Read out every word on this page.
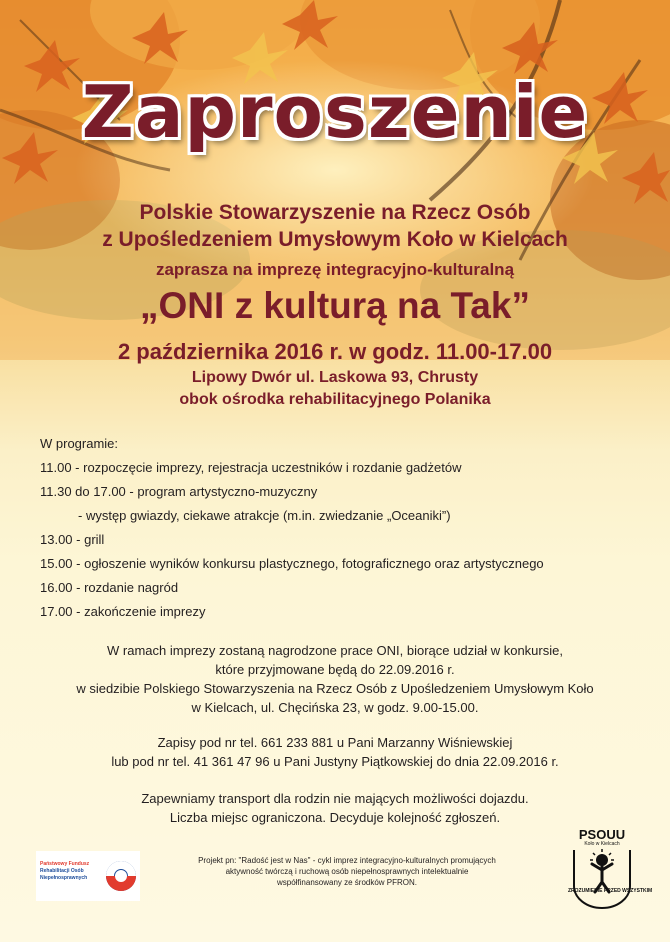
Zaproszenie
Polskie Stowarzyszenie na Rzecz Osób
z Upośledzeniem Umysłowym Koło w Kielcach
zaprasza na imprezę integracyjno-kulturalną
„ONI z kulturą na Tak”
2 października 2016 r. w godz. 11.00-17.00
Lipowy Dwór ul. Laskowa 93, Chrusty
obok ośrodka rehabilitacyjnego Polanika
W programie:
11.00 - rozpoczęcie imprezy, rejestracja uczestników i rozdanie gadżetów
11.30 do 17.00 - program artystyczno-muzyczny
- występ gwiazdy, ciekawe atrakcje (m.in. zwiedzanie „Oceaniki”)
13.00 - grill
15.00 - ogłoszenie wyników konkursu plastycznego, fotograficznego oraz artystycznego
16.00 - rozdanie nagród
17.00 - zakończenie imprezy
W ramach imprezy zostaną nagrodzone prace ONI, biorące udział w konkursie,
które przyjmowane będą do 22.09.2016 r.
w siedzibie Polskiego Stowarzyszenia na Rzecz Osób z Upośledzeniem Umysłowym Koło
w Kielcach, ul. Chęcińska 23, w godz. 9.00-15.00.
Zapisy pod nr tel. 661 233 881 u Pani Marzanny Wiśniewskiej
lub pod nr tel. 41 361 47 96 u Pani Justyny Piątkowskiej do dnia 22.09.2016 r.
Zapewniamy transport dla rodzin nie mających możliwości dojazdu.
Liczba miejsc ograniczona. Decyduje kolejność zgłoszeń.
Państwowy Fundusz
Rehabilitacji Osób
Niepełnosprawnych
Projekt pn: "Radość jest w Nas" - cykl imprez integracyjno-kulturalnych promujących
aktywność twórczą i ruchową osób niepełnosprawnych intelektualnie
współfinansowany ze środków PFRON.
PSOUU
Koło w Kielcach
ZROZUMIENIE PRZED WSZYSTKIM
